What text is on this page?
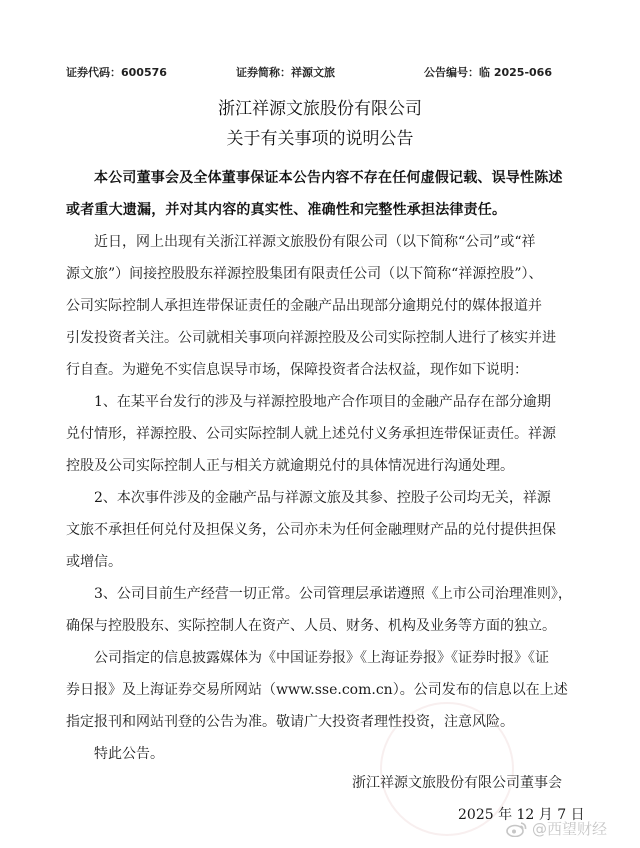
证券代码：600576	证券简称：祥源文旅	公告编号：临 2025-066
浙江祥源文旅股份有限公司
关于有关事项的说明公告
本公司董事会及全体董事保证本公告内容不存在任何虚假记载、误导性陈述
或者重大遗漏，并对其内容的真实性、准确性和完整性承担法律责任。
近日，网上出现有关浙江祥源文旅股份有限公司（以下简称“公司”或“祥
源文旅”）间接控股股东祥源控股集团有限责任公司（以下简称“祥源控股”）、
公司实际控制人承担连带保证责任的金融产品出现部分逾期兑付的媒体报道并
引发投资者关注。公司就相关事项向祥源控股及公司实际控制人进行了核实并进
行自查。为避免不实信息误导市场，保障投资者合法权益，现作如下说明：
1、在某平台发行的涉及与祥源控股地产合作项目的金融产品存在部分逾期
兑付情形，祥源控股、公司实际控制人就上述兑付义务承担连带保证责任。祥源
控股及公司实际控制人正与相关方就逾期兑付的具体情况进行沟通处理。
2、本次事件涉及的金融产品与祥源文旅及其参、控股子公司均无关，祥源
文旅不承担任何兑付及担保义务，公司亦未为任何金融理财产品的兑付提供担保
或增信。
3、公司目前生产经营一切正常。公司管理层承诺遵照《上市公司治理准则》，
确保与控股股东、实际控制人在资产、人员、财务、机构及业务等方面的独立。
公司指定的信息披露媒体为《中国证券报》《上海证券报》《证券时报》《证
券日报》及上海证券交易所网站（www.sse.com.cn）。公司发布的信息以在上述
指定报刊和网站刊登的公告为准。敬请广大投资者理性投资，注意风险。
特此公告。
浙江祥源文旅股份有限公司董事会
2025 年 12 月 7 日
@西望财经
